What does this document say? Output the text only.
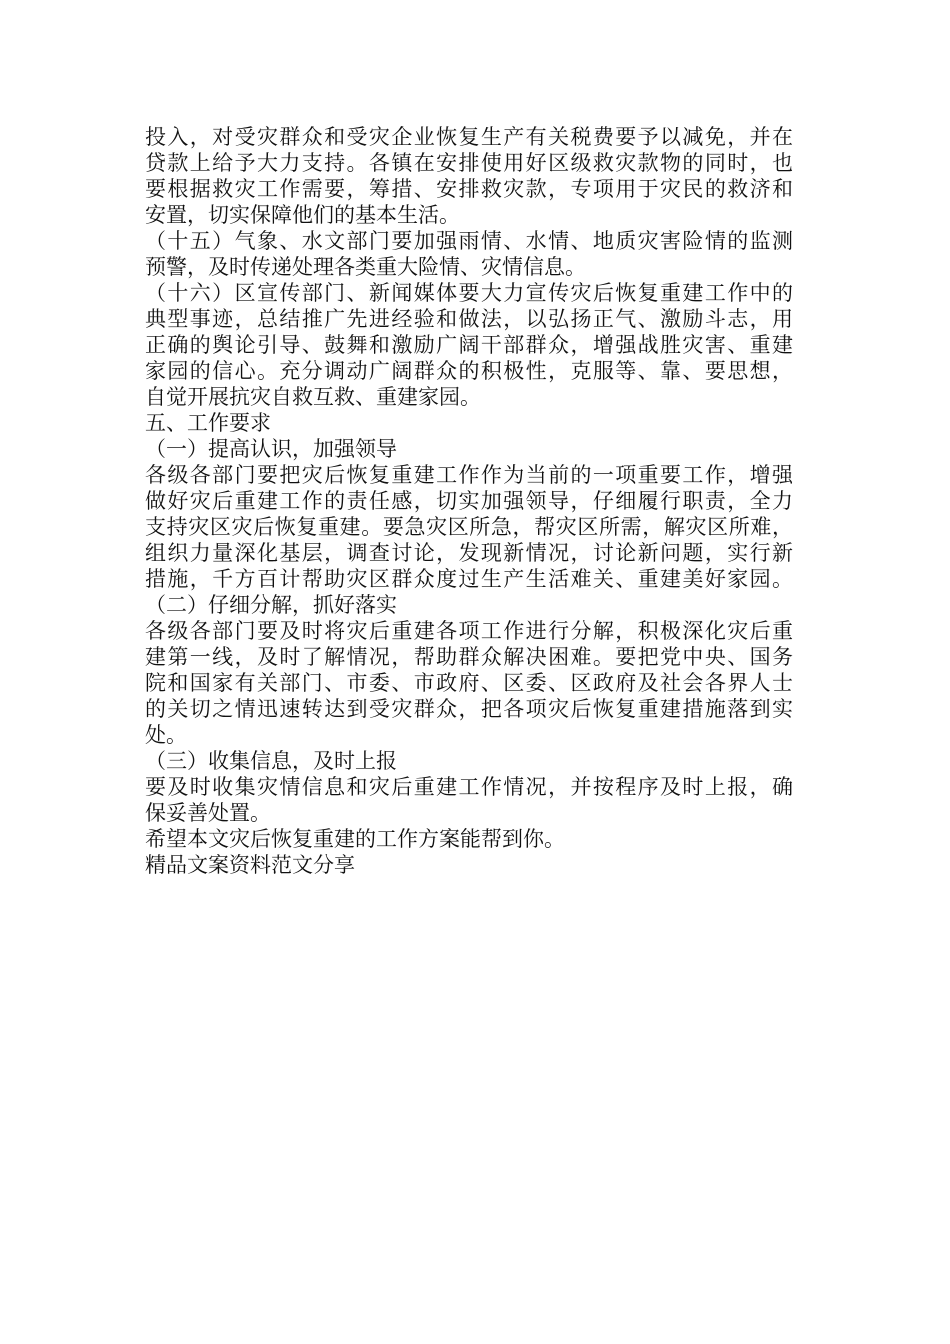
投入，对受灾群众和受灾企业恢复生产有关税费要予以减免，并在
贷款上给予大力支持。各镇在安排使用好区级救灾款物的同时，也
要根据救灾工作需要，筹措、安排救灾款，专项用于灾民的救济和
安置，切实保障他们的基本生活。
（十五）气象、水文部门要加强雨情、水情、地质灾害险情的监测
预警，及时传递处理各类重大险情、灾情信息。
（十六）区宣传部门、新闻媒体要大力宣传灾后恢复重建工作中的
典型事迹，总结推广先进经验和做法，以弘扬正气、激励斗志，用
正确的舆论引导、鼓舞和激励广阔干部群众，增强战胜灾害、重建
家园的信心。充分调动广阔群众的积极性，克服等、靠、要思想，
自觉开展抗灾自救互救、重建家园。
五、工作要求
（一）提高认识，加强领导
各级各部门要把灾后恢复重建工作作为当前的一项重要工作，增强
做好灾后重建工作的责任感，切实加强领导，仔细履行职责，全力
支持灾区灾后恢复重建。要急灾区所急，帮灾区所需，解灾区所难，
组织力量深化基层，调查讨论，发现新情况，讨论新问题，实行新
措施，千方百计帮助灾区群众度过生产生活难关、重建美好家园。
（二）仔细分解，抓好落实
各级各部门要及时将灾后重建各项工作进行分解，积极深化灾后重
建第一线，及时了解情况，帮助群众解决困难。要把党中央、国务
院和国家有关部门、市委、市政府、区委、区政府及社会各界人士
的关切之情迅速转达到受灾群众，把各项灾后恢复重建措施落到实
处。
（三）收集信息，及时上报
要及时收集灾情信息和灾后重建工作情况，并按程序及时上报，确
保妥善处置。
希望本文灾后恢复重建的工作方案能帮到你。
精品文案资料范文分享
